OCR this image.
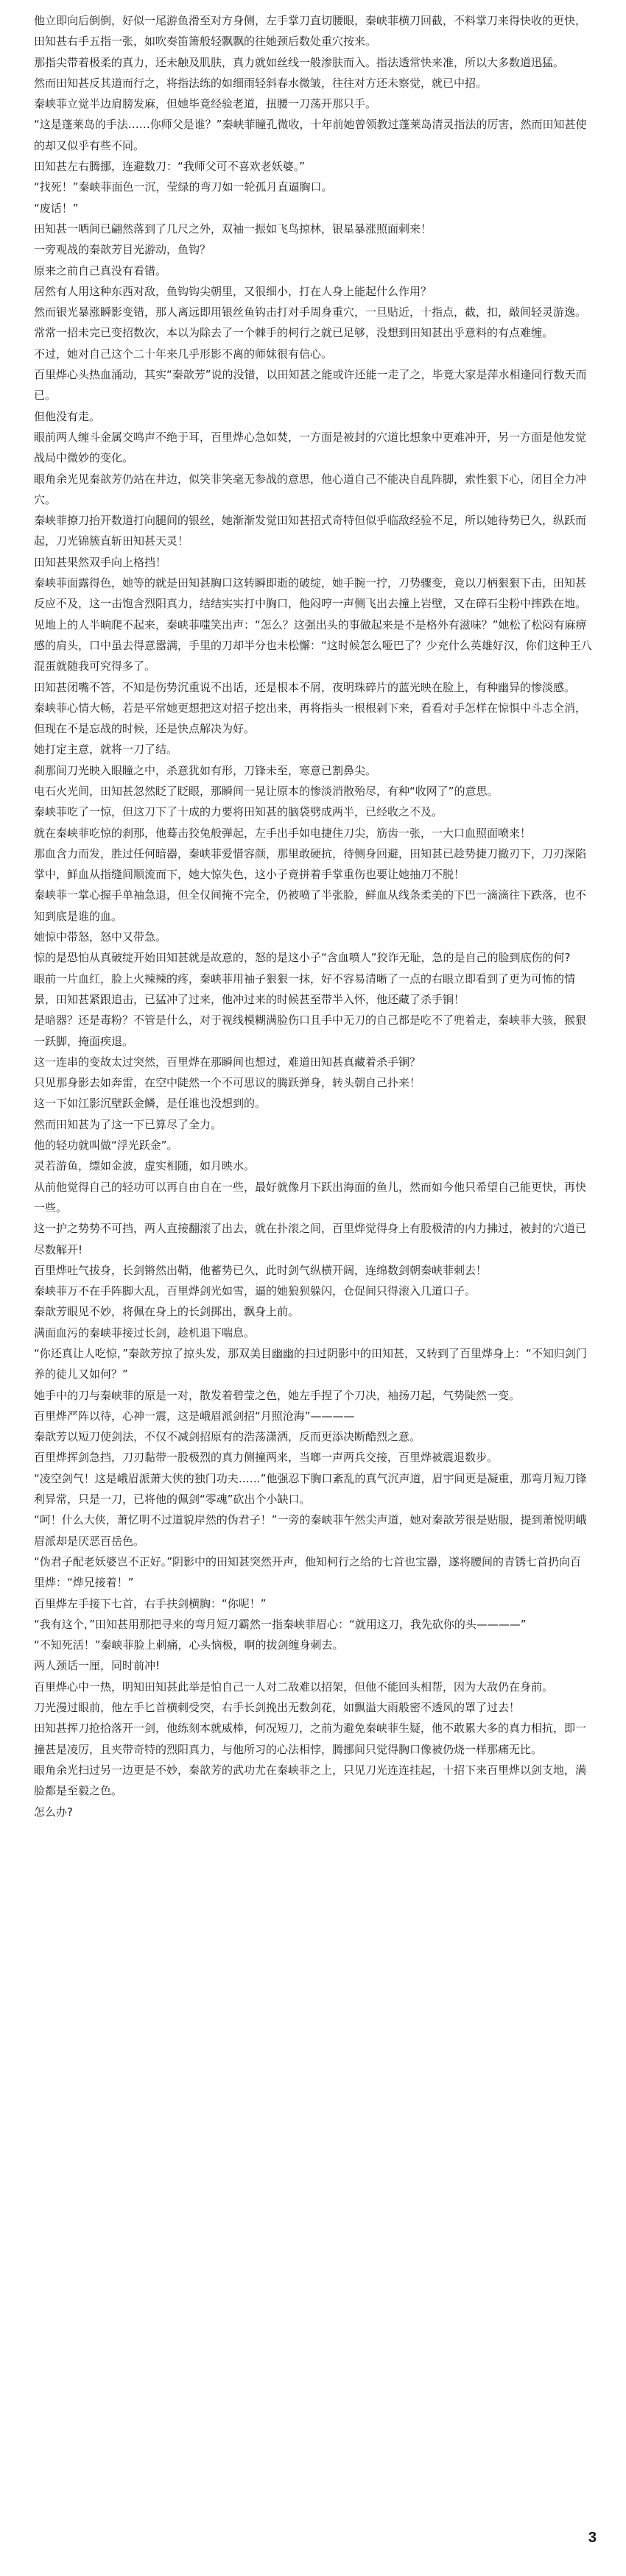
他立即向后倒倒，好似一尾游鱼滑至对方身侧，左手掌刀直切腰眼，秦峡菲横刀回截，不料掌刀来得快收的更快，田知甚右手五指一张，如吹奏笛箫般轻飘飘的往她颈后数处重穴按来。

那指尖带着极柔的真力，还未触及肌肤，真力就如丝线一般渗肤而入。指法透常快来准，所以大多数道迅猛。

然而田知甚反其道而行之，将指法练的如细雨轻斜春水微皱，往往对方还未察觉，就已中招。

秦峡菲立觉半边肩膀发麻，但她毕竟经验老道，扭腰一刀荡开那只手。

“这是蓬莱岛的手法……你师父是谁？”秦峡菲瞳孔微收，十年前她曾领教过蓬莱岛清灵指法的厉害，然而田知甚使的却又似乎有些不同。

田知甚左右腾挪，连避数刀：“我师父可不喜欢老妖婆。”

“找死！”秦峡菲面色一沉，莹绿的弯刀如一轮孤月直逼胸口。

“废话！”

田知甚一哂间已翩然落到了几尺之外，双袖一振如飞鸟掠林，银星暴涨照面刺来！

一旁观战的秦歆芳目光游动，鱼钩？

原来之前自己真没有看错。

居然有人用这种东西对敌，鱼钩钩尖朝里，又很细小，打在人身上能起什么作用？

然而银光暴涨瞬影变错，那人离远即用银丝鱼钩击打对手周身重穴，一旦贴近，十指点，截，扣，敲间轻灵游逸。

常常一招未完已变招数次，本以为除去了一个棘手的柯行之就已足够，没想到田知甚出乎意料的有点难缠。

不过，她对自己这个二十年来几乎形影不离的师妹很有信心。

百里烨心头热血涌动，其实“秦歆芳”说的没错，以田知甚之能或许还能一走了之，毕竟大家是萍水相逢同行数天而已。

但他没有走。

眼前两人缠斗金属交鸣声不绝于耳，百里烨心急如焚，一方面是被封的穴道比想象中更难冲开，另一方面是他发觉战局中微妙的变化。

眼角余光见秦歆芳仍站在井边，似笑非笑毫无参战的意思，他心道自己不能决自乱阵脚，索性狠下心，闭目全力冲穴。

秦峡菲撩刀抬开数道打向腿间的银丝，她渐渐发觉田知甚招式奇特但似乎临敌经验不足，所以她待势已久，纵跃而起，刀光锦簇直斩田知甚天灵！

田知甚果然双手向上格挡！

秦峡菲面露得色，她等的就是田知甚胸口这转瞬即逝的破绽，她手腕一拧，刀势骤变，竟以刀柄狠狠下击，田知甚反应不及，这一击饱含烈阳真力，结结实实打中胸口，他闷哼一声侧飞出去撞上岩壁，又在碎石尘粉中摔跌在地。

见地上的人半晌爬不起来，秦峡菲嗤笑出声：“怎么？这强出头的事做起来是不是格外有滋味？”她松了松闷有麻痹感的肩头，口中虽去得意嚣满，手里的刀却半分也未松懈：“这时候怎么哑巴了？少充什么英雄好汉，你们这种王八混蛋就随我可究得多了。

田知甚闭嘴不答，不知是伤势沉重说不出话，还是根本不屑，夜明珠碎片的蓝光映在脸上，有种幽异的惨淡感。

秦峡菲心情大畅，若是平常她更想把这对招子挖出来，再将指头一根根剁下来，看看对手怎样在惊惧中斗志全消，但现在不是忘战的时候，还是快点解决为好。

她打定主意，就将一刀了结。

刹那间刀光映入眼瞳之中，杀意犹如有形，刀锋未至，寒意已割鼻尖。

电石火光间，田知甚忽然眨了眨眼，那瞬间一晃让原本的惨淡消散殆尽，有种“收网了”的意思。

秦峡菲吃了一惊，但这刀下了十成的力要将田知甚的脑袋劈成两半，已经收之不及。

就在秦峡菲吃惊的刹那，他蓦击狡兔般弹起，左手出手如电捷住刀尖，筋齿一张，一大口血照面喷来！

那血含力而发，胜过任何暗器，秦峡菲爱惜容颜，那里敢硬抗，待侧身回避，田知甚已趁势捷刀撤刃下，刀刃深陷掌中，鲜血从指缝间顺流而下，她大惊失色，这小子竟拼着手掌重伤也要让她抽刀不脱！

秦峡菲一掌心握手单袖急退，但全仅间掩不完全，仍被喷了半张脸，鲜血从线条柔美的下巴一滴滴往下跌落，也不知到底是谁的血。

她惊中带怒，怒中又带急。

惊的是恐怕从真破绽开始田知甚就是故意的，怒的是这小子“含血喷人”狡诈无耻，急的是自己的脸到底伤的何?

眼前一片血红，脸上火辣辣的疼，秦峡菲用袖子狠狠一抹，好不容易清晰了一点的右眼立即看到了更为可怖的情景，田知甚紧跟追击，已猛冲了过来，他冲过来的时候甚至带半入怀，他还藏了杀手锏！

是暗器？还是毒粉？不管是什么，对于视线模糊满脸伤口且手中无刀的自己都是吃不了兜着走，秦峡菲大骇，猴狠一跃脚，掩面疾退。

这一连串的变故太过突然，百里烨在那瞬间也想过，难道田知甚真藏着杀手锏？

只见那身影去如奔雷，在空中陡然一个不可思议的腾跃弹身，转头朝自己扑来！

这一下如江影沉壁跃金鳞，是任谁也没想到的。

然而田知甚为了这一下已算尽了全力。

他的轻功就叫做“浮光跃金”。

灵若游鱼，缥如金波，虚实相随，如月映水。

从前他觉得自己的轻功可以再自由自在一些，最好就像月下跃出海面的鱼儿，然而如今他只希望自己能更快，再快一些。

这一护之势势不可挡，两人直接翻滚了出去，就在扑滚之间，百里烨觉得身上有股极清的内力拂过，被封的穴道已尽数解开!

百里烨吐气拔身，长剑锵然出鞘，他蓄势已久，此时剑气纵横开阔，连绵数剑朝秦峡菲刺去！

秦峡菲万不在手阵脚大乱，百里烨剑光如雪，逼的她狼狈躲闪，仓促间只得滚入几道口子。

秦歆芳眼见不妙，将佩在身上的长剑掷出，飘身上前。

满面血污的秦峡菲接过长剑，趁机退下喘息。

“你还真让人吃惊，”秦歆芳掠了掠头发，那双美目幽幽的扫过阴影中的田知甚，又转到了百里烨身上：“不知归剑门养的徒儿又如何？”

她手中的刀与秦峡菲的原是一对，散发着碧莹之色，她左手捏了个刀决，袖扬刀起，气势陡然一变。

百里烨严阵以待，心神一震，这是峨眉派剑招“月照沧海”————

秦歆芳以短刀使剑法，不仅不减剑招原有的浩荡潇洒，反而更添决断酷烈之意。

百里烨挥剑急挡，刀刃黏带一股极烈的真力侧撞两来，当啷一声两兵交接，百里烨被震退数步。

“凌空剑气！这是峨眉派萧大侠的独门功夫……”他强忍下胸口紊乱的真气沉声道，眉宇间更是凝重，那弯月短刀锋利异常，只是一刀，已将他的佩剑“零魂”砍出个小缺口。

“呵！什么大侠，萧忆明不过道貌岸然的伪君子！”一旁的秦峡菲午然尖声道，她对秦歆芳很是贴服，提到萧悦明峨眉派却是厌恶百岳色。

“伪君子配老妖婆岂不正好。”阴影中的田知甚突然开声，他知柯行之给的七首也宝器，遂将腰间的青锈七首扔向百里烨：“烨兄接着！”

百里烨左手接下七首，右手扶剑横胸：“你呢！”

“我有这个，”田知甚用那把寻来的弯月短刀霸然一指秦峡菲眉心：“就用这刀，我先砍你的头————”

“不知死活！”秦峡菲脸上刺痛，心头恼极，啊的拔剑缠身刺去。

两人颈话一厘，同时前冲!

百里烨心中一热，明知田知甚此举是怕自己一人对二敌难以招架，但他不能回头相帮，因为大敌仍在身前。

刀光漫过眼前，他左手匕首横刺受突，右手长剑挽出无数剑花，如飘溢大雨般密不透风的罩了过去！

田知甚挥刀抢拾落开一剑，他练刻本就威棒，何况短刀，之前为避免秦峡菲生疑，他不敢累大多的真力相抗，即一撞甚是凌厉，且夹带奇特的烈阳真力，与他所习的心法相悖，腾挪间只觉得胸口像被仍烧一样那痛无比。

眼角余光扫过另一边更是不妙，秦歆芳的武功尤在秦峡菲之上，只见刀光连连挂起，十招下来百里烨以剑支地，满脸都是至毅之色。

怎么办?

3
